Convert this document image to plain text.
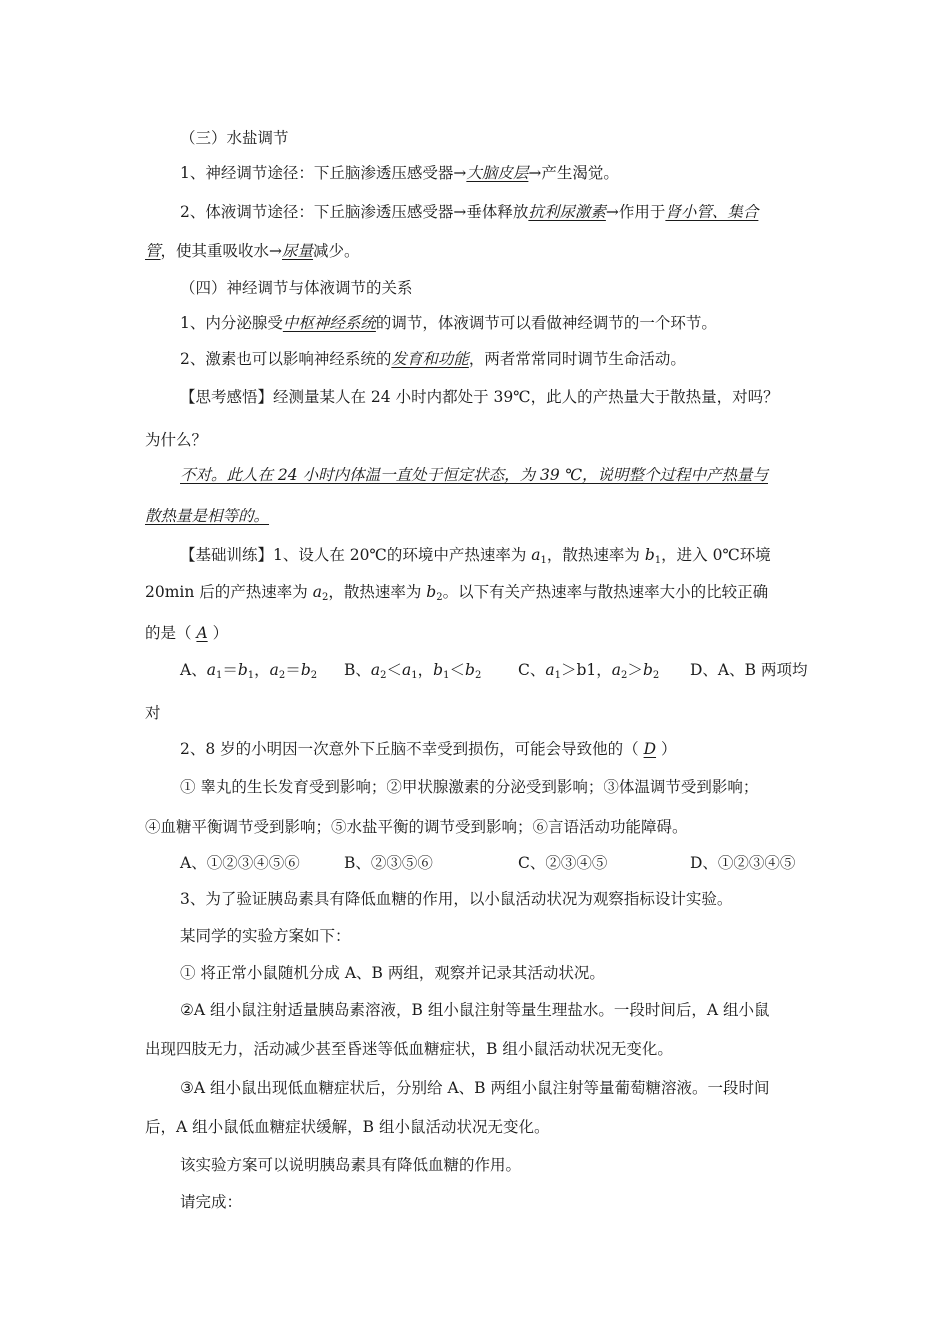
（三）水盐调节
1、神经调节途径：下丘脑渗透压感受器→大脑皮层→产生渴觉。
2、体液调节途径：下丘脑渗透压感受器→垂体释放抗利尿激素→作用于肾小管、集合
管，使其重吸收水→尿量减少。
（四）神经调节与体液调节的关系
1、内分泌腺受中枢神经系统的调节，体液调节可以看做神经调节的一个环节。
2、激素也可以影响神经系统的发育和功能，两者常常同时调节生命活动。
【思考感悟】经测量某人在 24 小时内都处于 39℃，此人的产热量大于散热量，对吗？
为什么？
不对。此人在 24 小时内体温一直处于恒定状态，为 39 ℃，说明整个过程中产热量与
散热量是相等的。
【基础训练】1、设人在 20℃的环境中产热速率为 $a_1$，散热速率为 $b_1$，进入 0℃环境
20min 后的产热速率为 $a_2$，散热速率为 $b_2$。以下有关产热速率与散热速率大小的比较正确
的是（ A ）
A、$a_1=b_1$，$a_2=b_2$ B、$a_2<a_1$，$b_1<b_2$ C、$a_1>b1$，$a_2>b_2$ D、A、B 两项均
对
2、8 岁的小明因一次意外下丘脑不幸受到损伤，可能会导致他的（ D ）
① 睾丸的生长发育受到影响；②甲状腺激素的分泌受到影响；③体温调节受到影响；
④血糖平衡调节受到影响；⑤水盐平衡的调节受到影响；⑥言语活动功能障碍。
A、①②③④⑤⑥	B、②③⑤⑥	C、②③④⑤	D、①②③④⑤
3、为了验证胰岛素具有降低血糖的作用，以小鼠活动状况为观察指标设计实验。
某同学的实验方案如下：
① 将正常小鼠随机分成 A、B 两组，观察并记录其活动状况。
②A 组小鼠注射适量胰岛素溶液，B 组小鼠注射等量生理盐水。一段时间后，A 组小鼠
出现四肢无力，活动减少甚至昏迷等低血糖症状，B 组小鼠活动状况无变化。
③A 组小鼠出现低血糖症状后，分别给 A、B 两组小鼠注射等量葡萄糖溶液。一段时间
后，A 组小鼠低血糖症状缓解，B 组小鼠活动状况无变化。
该实验方案可以说明胰岛素具有降低血糖的作用。
请完成：
